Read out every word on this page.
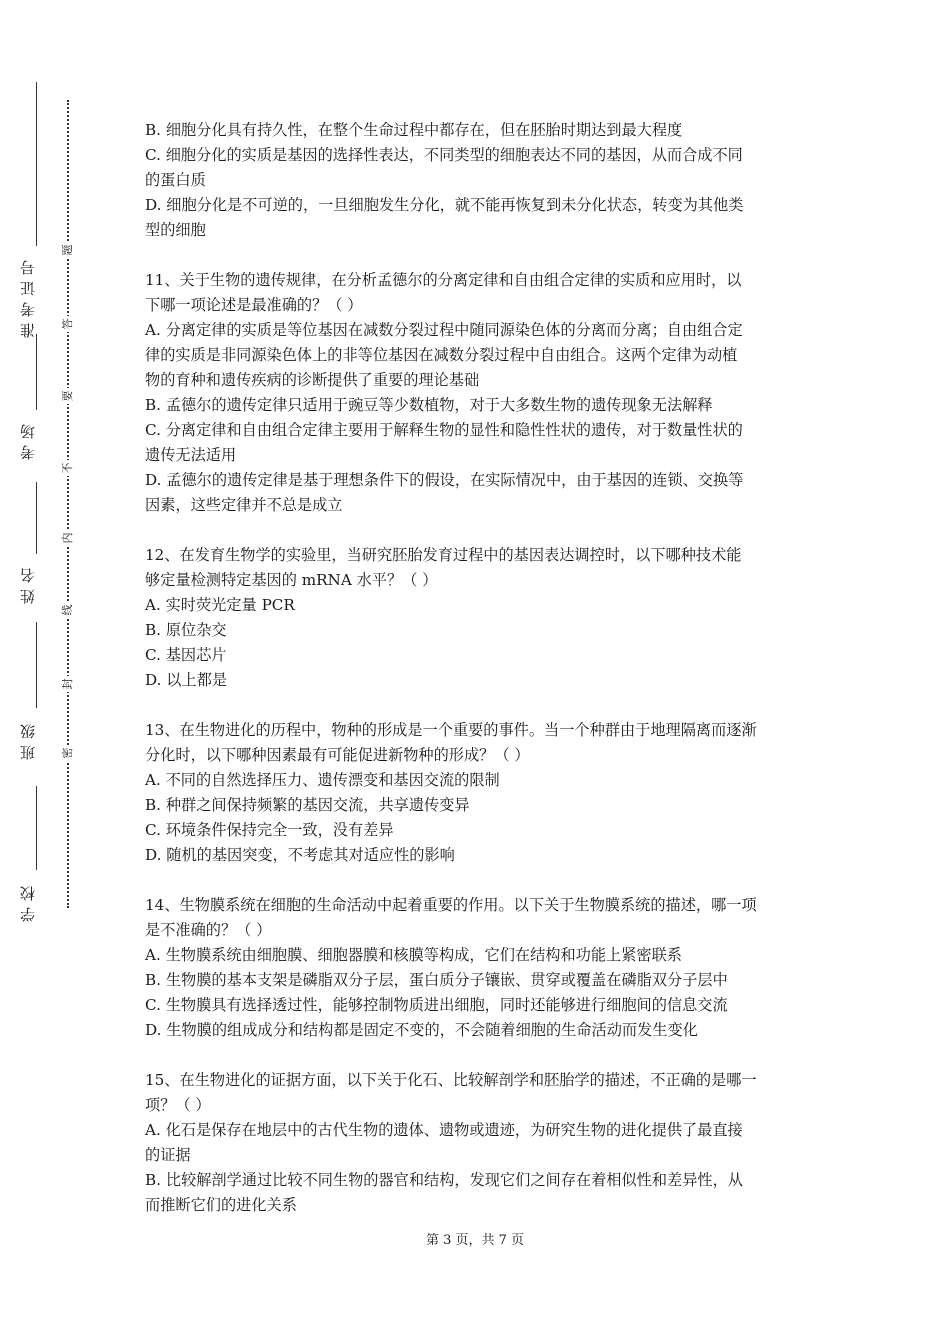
学校
班级
姓名
考场
准考证号
密
封
线
内
不
要
答
题
B. 细胞分化具有持久性，在整个生命过程中都存在，但在胚胎时期达到最大程度
C. 细胞分化的实质是基因的选择性表达，不同类型的细胞表达不同的基因，从而合成不同
的蛋白质
D. 细胞分化是不可逆的，一旦细胞发生分化，就不能再恢复到未分化状态，转变为其他类
型的细胞
11、关于生物的遗传规律，在分析孟德尔的分离定律和自由组合定律的实质和应用时，以
下哪一项论述是最准确的？（ ）
A. 分离定律的实质是等位基因在减数分裂过程中随同源染色体的分离而分离；自由组合定
律的实质是非同源染色体上的非等位基因在减数分裂过程中自由组合。这两个定律为动植
物的育种和遗传疾病的诊断提供了重要的理论基础
B. 孟德尔的遗传定律只适用于豌豆等少数植物，对于大多数生物的遗传现象无法解释
C. 分离定律和自由组合定律主要用于解释生物的显性和隐性性状的遗传，对于数量性状的
遗传无法适用
D. 孟德尔的遗传定律是基于理想条件下的假设，在实际情况中，由于基因的连锁、交换等
因素，这些定律并不总是成立
12、在发育生物学的实验里，当研究胚胎发育过程中的基因表达调控时，以下哪种技术能
够定量检测特定基因的 mRNA 水平？（ ）
A. 实时荧光定量 PCR
B. 原位杂交
C. 基因芯片
D. 以上都是
13、在生物进化的历程中，物种的形成是一个重要的事件。当一个种群由于地理隔离而逐渐
分化时，以下哪种因素最有可能促进新物种的形成？（ ）
A. 不同的自然选择压力、遗传漂变和基因交流的限制
B. 种群之间保持频繁的基因交流，共享遗传变异
C. 环境条件保持完全一致，没有差异
D. 随机的基因突变，不考虑其对适应性的影响
14、生物膜系统在细胞的生命活动中起着重要的作用。以下关于生物膜系统的描述，哪一项
是不准确的？（ ）
A. 生物膜系统由细胞膜、细胞器膜和核膜等构成，它们在结构和功能上紧密联系
B. 生物膜的基本支架是磷脂双分子层，蛋白质分子镶嵌、贯穿或覆盖在磷脂双分子层中
C. 生物膜具有选择透过性，能够控制物质进出细胞，同时还能够进行细胞间的信息交流
D. 生物膜的组成成分和结构都是固定不变的，不会随着细胞的生命活动而发生变化
15、在生物进化的证据方面，以下关于化石、比较解剖学和胚胎学的描述，不正确的是哪一
项？（ ）
A. 化石是保存在地层中的古代生物的遗体、遗物或遗迹，为研究生物的进化提供了最直接
的证据
B. 比较解剖学通过比较不同生物的器官和结构，发现它们之间存在着相似性和差异性，从
而推断它们的进化关系
第 3 页，共 7 页
